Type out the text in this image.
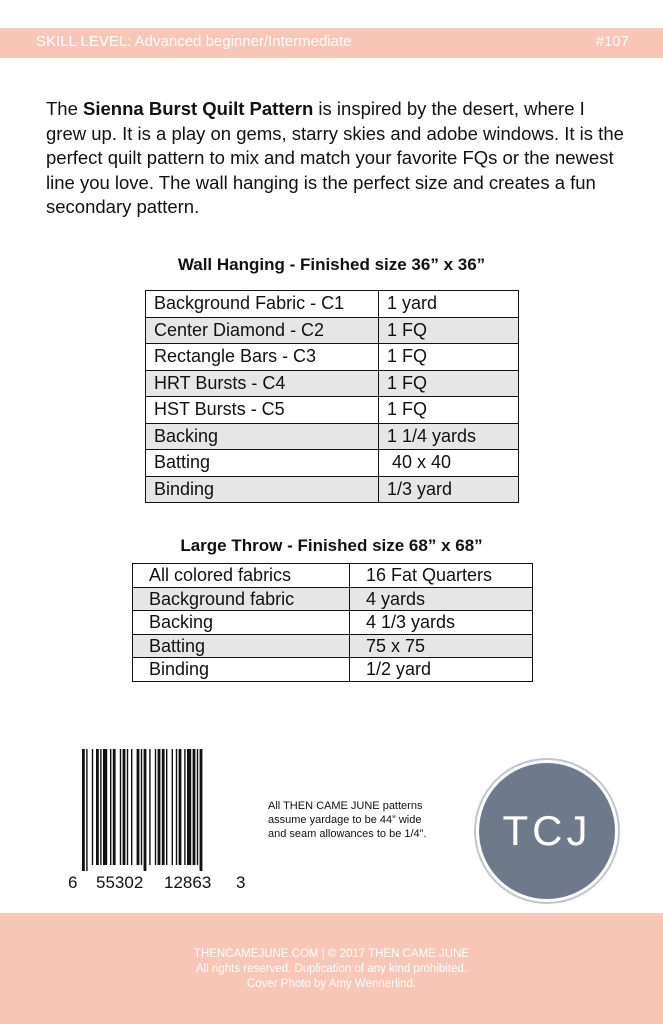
SKILL LEVEL: Advanced beginner/Intermediate	#107

The Sienna Burst Quilt Pattern is inspired by the desert, where I grew up. It is a play on gems, starry skies and adobe windows. It is the perfect quilt pattern to mix and match your favorite FQs or the newest line you love. The wall hanging is the perfect size and creates a fun secondary pattern.

Wall Hanging - Finished size 36” x 36”
Background Fabric - C1	1 yard
Center Diamond - C2	1 FQ
Rectangle Bars - C3	1 FQ
HRT Bursts - C4	1 FQ
HST Bursts - C5	1 FQ
Backing	1 1/4 yards
Batting	40 x 40
Binding	1/3 yard
Large Throw - Finished size 68” x 68”
All colored fabrics	16 Fat Quarters
Background fabric	4 yards
Backing	4 1/3 yards
Batting	75 x 75
Binding	1/2 yard
6 55302 12863 3
All THEN CAME JUNE patterns
assume yardage to be 44” wide
and seam allowances to be 1/4”.	TCJ
THENCAMEJUNE.COM | © 2017 THEN CAME JUNE
All rights reserved. Duplication of any kind prohibited.
Cover Photo by Amy Wennerlind.
